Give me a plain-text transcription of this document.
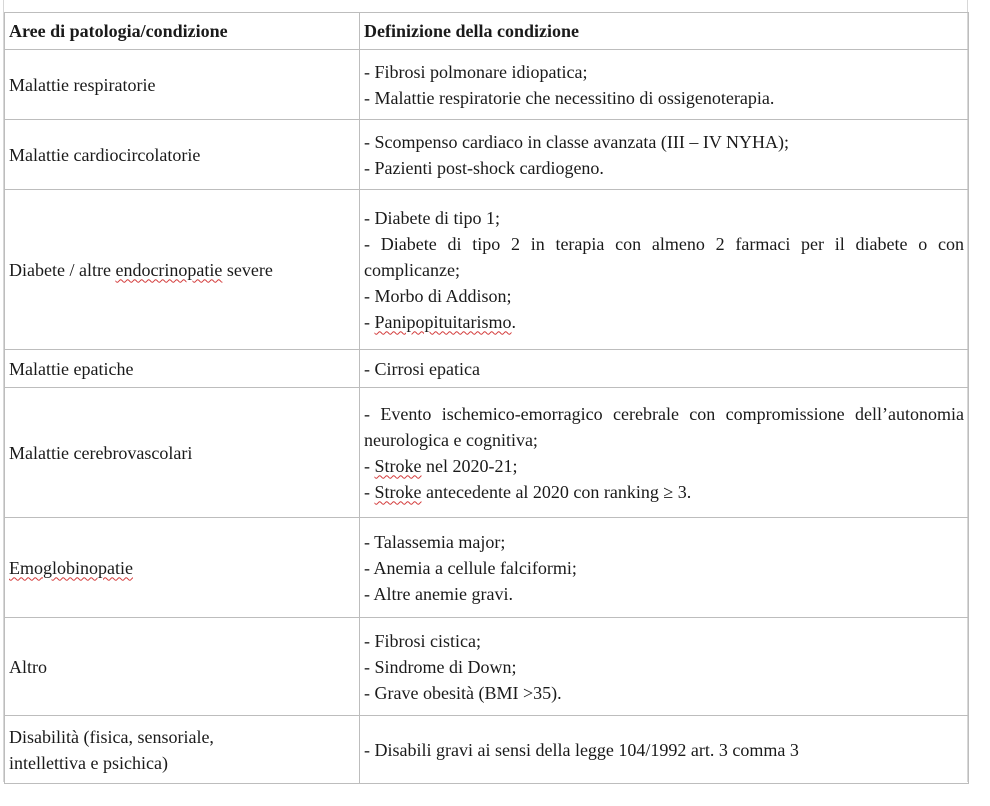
Aree di patologia/condizione	Definizione della condizione
Malattie respiratorie	- Fibrosi polmonare idiopatica;
- Malattie respiratorie che necessitino di ossigenoterapia.

Malattie cardiocircolatorie	- Scompenso cardiaco in classe avanzata (III – IV NYHA);
- Pazienti post-shock cardiogeno.

Diabete / altre endocrinopatie severe	- Diabete di tipo 1;
- Diabete di tipo 2 in terapia con almeno 2 farmaci per il diabete o con complicanze;
- Morbo di Addison;
- Panipopituitarismo.

Malattie epatiche	- Cirrosi epatica

Malattie cerebrovascolari	- Evento ischemico-emorragico cerebrale con compromissione dell’autonomia neurologica e cognitiva;
- Stroke nel 2020-21;
- Stroke antecedente al 2020 con ranking ≥ 3.

Emoglobinopatie	- Talassemia major;
- Anemia a cellule falciformi;
- Altre anemie gravi.

Altro	- Fibrosi cistica;
- Sindrome di Down;
- Grave obesità (BMI >35).

Disabilità (fisica, sensoriale,
intellettiva e psichica)	- Disabili gravi ai sensi della legge 104/1992 art. 3 comma 3
